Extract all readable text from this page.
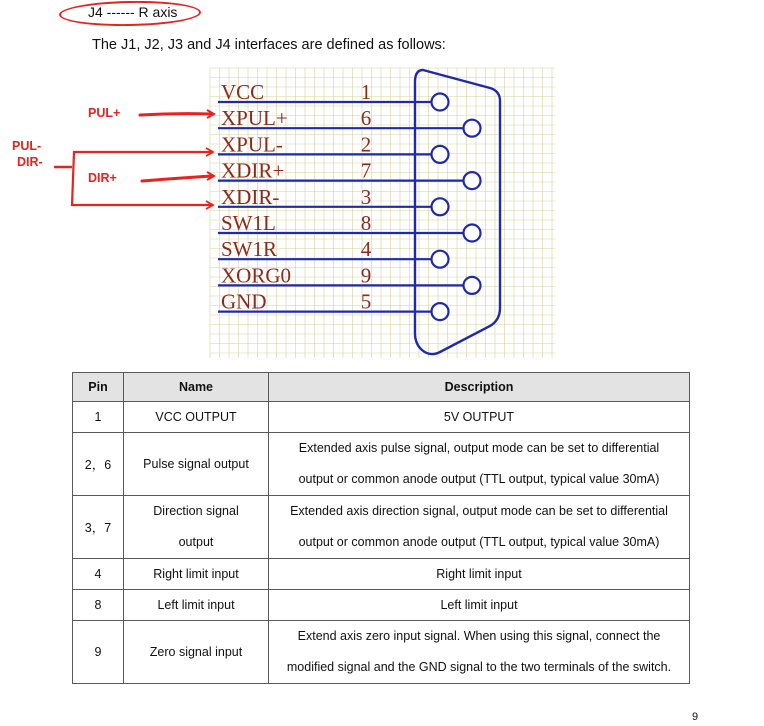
J4 ------ R axis
The J1, J2, J3 and J4 interfaces are defined as follows:
VCC	1
XPUL+	6
XPUL-	2
XDIR+	7
XDIR-	3
SW1L	8
SW1R	4
XORG0	9
GND	5
PUL+
PUL-
DIR-
DIR+
Pin	Name	Description
1	VCC OUTPUT	5V OUTPUT
2，6	Pulse signal output	Extended axis pulse signal, output mode can be set to differential
output or common anode output (TTL output, typical value 30mA)

3，7	Direction signal
output	Extended axis direction signal, output mode can be set to differential
output or common anode output (TTL output, typical value 30mA)

4	Right limit input	Right limit input
8	Left limit input	Left limit input
9	Zero signal input	Extend axis zero input signal. When using this signal, connect the
modified signal and the GND signal to the two terminals of the switch.
9
